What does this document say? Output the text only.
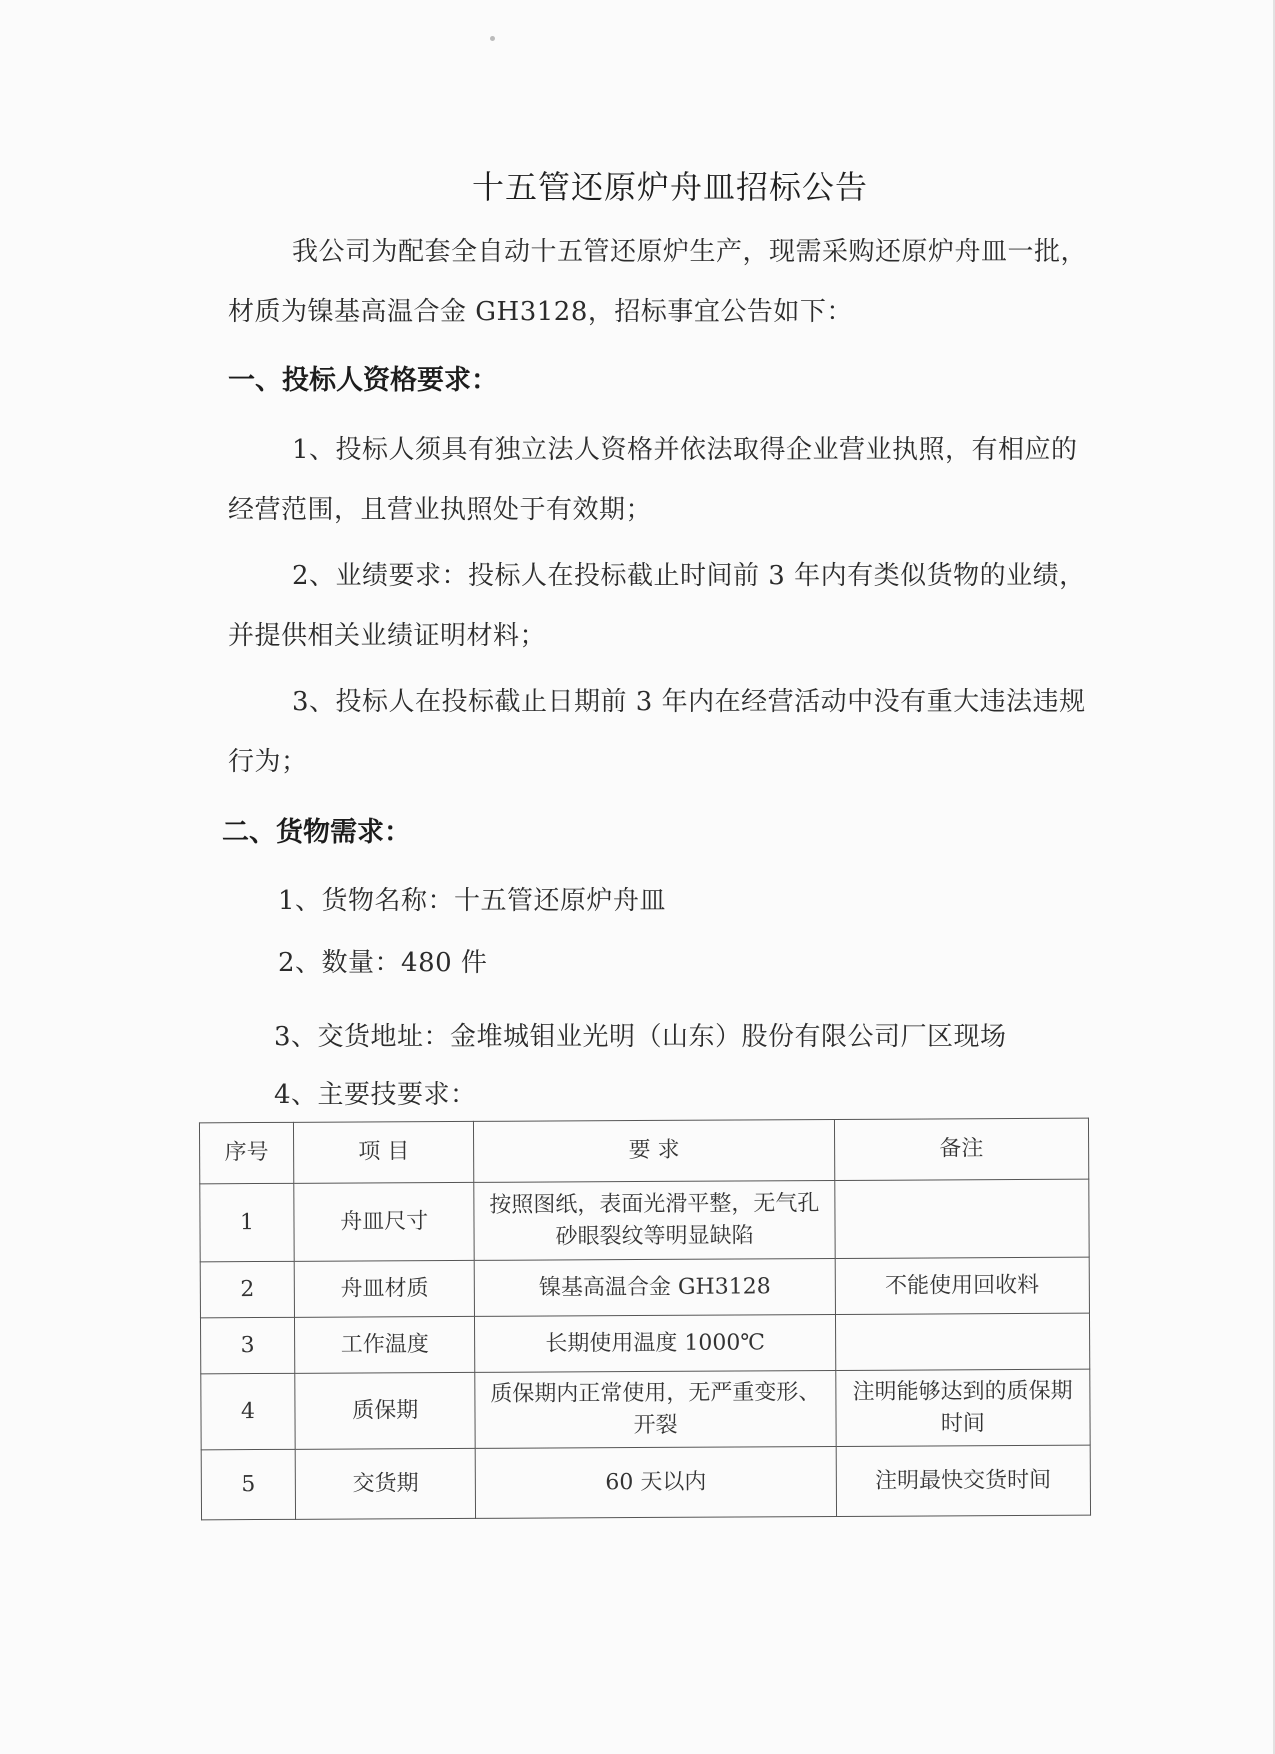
十五管还原炉舟皿招标公告
我公司为配套全自动十五管还原炉生产，现需采购还原炉舟皿一批，材质为镍基高温合金 GH3128，招标事宜公告如下：
一、投标人资格要求：
1、投标人须具有独立法人资格并依法取得企业营业执照，有相应的经营范围，且营业执照处于有效期；
2、业绩要求：投标人在投标截止时间前 3 年内有类似货物的业绩，并提供相关业绩证明材料；
3、投标人在投标截止日期前 3 年内在经营活动中没有重大违法违规行为；
二、货物需求：
1、货物名称：十五管还原炉舟皿
2、数量：480 件
3、交货地址：金堆城钼业光明（山东）股份有限公司厂区现场
4、主要技要求：
序号	项 目	要 求	备注
1	舟皿尺寸	按照图纸，表面光滑平整，无气孔砂眼裂纹等明显缺陷	
2	舟皿材质	镍基高温合金 GH3128	不能使用回收料
3	工作温度	长期使用温度 1000℃	
4	质保期	质保期内正常使用，无严重变形、开裂	注明能够达到的质保期时间
5	交货期	60 天以内	注明最快交货时间
